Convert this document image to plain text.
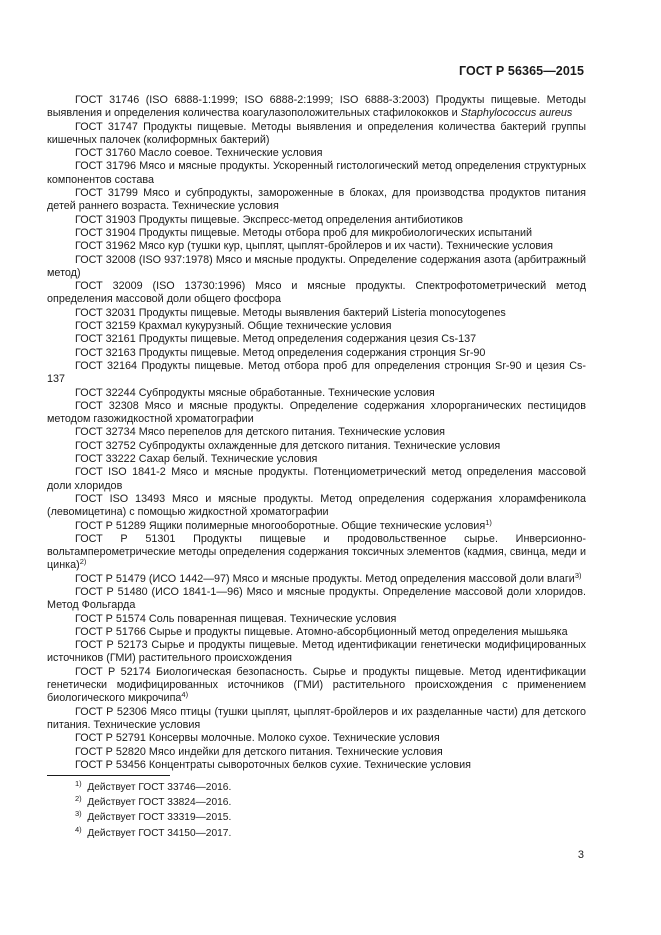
ГОСТ Р 56365—2015

ГОСТ 31746 (ISO 6888-1:1999; ISO 6888-2:1999; ISO 6888-3:2003) Продукты пищевые. Методы выявления и определения количества коагулазоположительных стафилококков и Staphylococcus aureus

ГОСТ 31747 Продукты пищевые. Методы выявления и определения количества бактерий группы кишечных палочек (колиформных бактерий)

ГОСТ 31760 Масло соевое. Технические условия

ГОСТ 31796 Мясо и мясные продукты. Ускоренный гистологический метод определения структурных компонентов состава

ГОСТ 31799 Мясо и субпродукты, замороженные в блоках, для производства продуктов питания детей раннего возраста. Технические условия

ГОСТ 31903 Продукты пищевые. Экспресс-метод определения антибиотиков

ГОСТ 31904 Продукты пищевые. Методы отбора проб для микробиологических испытаний

ГОСТ 31962 Мясо кур (тушки кур, цыплят, цыплят-бройлеров и их части). Технические условия

ГОСТ 32008 (ISO 937:1978) Мясо и мясные продукты. Определение содержания азота (арбитражный метод)

ГОСТ 32009 (ISO 13730:1996) Мясо и мясные продукты. Спектрофотометрический метод определения массовой доли общего фосфора

ГОСТ 32031 Продукты пищевые. Методы выявления бактерий Listeria monocytogenes

ГОСТ 32159 Крахмал кукурузный. Общие технические условия

ГОСТ 32161 Продукты пищевые. Метод определения содержания цезия Cs-137

ГОСТ 32163 Продукты пищевые. Метод определения содержания стронция Sr-90

ГОСТ 32164 Продукты пищевые. Метод отбора проб для определения стронция Sr-90 и цезия Cs-137

ГОСТ 32244 Субпродукты мясные обработанные. Технические условия

ГОСТ 32308 Мясо и мясные продукты. Определение содержания хлорорганических пестицидов методом газожидкостной хроматографии

ГОСТ 32734 Мясо перепелов для детского питания. Технические условия

ГОСТ 32752 Субпродукты охлажденные для детского питания. Технические условия

ГОСТ 33222 Сахар белый. Технические условия

ГОСТ ISO 1841-2 Мясо и мясные продукты. Потенциометрический метод определения массовой доли хлоридов

ГОСТ ISO 13493 Мясо и мясные продукты. Метод определения содержания хлорамфеникола (левомицетина) с помощью жидкостной хроматографии

ГОСТ Р 51289 Ящики полимерные многооборотные. Общие технические условия$^{1)}$

ГОСТ Р 51301 Продукты пищевые и продовольственное сырье. Инверсионно-вольтамперометрические методы определения содержания токсичных элементов (кадмия, свинца, меди и цинка)$^{2)}$

ГОСТ Р 51479 (ИСО 1442—97) Мясо и мясные продукты. Метод определения массовой доли влаги$^{3)}$

ГОСТ Р 51480 (ИСО 1841-1—96) Мясо и мясные продукты. Определение массовой доли хлоридов. Метод Фольгарда

ГОСТ Р 51574 Соль поваренная пищевая. Технические условия

ГОСТ Р 51766 Сырье и продукты пищевые. Атомно-абсорбционный метод определения мышьяка

ГОСТ Р 52173 Сырье и продукты пищевые. Метод идентификации генетически модифицированных источников (ГМИ) растительного происхождения

ГОСТ Р 52174 Биологическая безопасность. Сырье и продукты пищевые. Метод идентификации генетически модифицированных источников (ГМИ) растительного происхождения с применением биологического микрочипа$^{4)}$

ГОСТ Р 52306 Мясо птицы (тушки цыплят, цыплят-бройлеров и их разделанные части) для детского питания. Технические условия

ГОСТ Р 52791 Консервы молочные. Молоко сухое. Технические условия

ГОСТ Р 52820 Мясо индейки для детского питания. Технические условия

ГОСТ Р 53456 Концентраты сывороточных белков сухие. Технические условия

$^{1)}$ Действует ГОСТ 33746—2016.

$^{2)}$ Действует ГОСТ 33824—2016.

$^{3)}$ Действует ГОСТ 33319—2015.

$^{4)}$ Действует ГОСТ 34150—2017.

3
